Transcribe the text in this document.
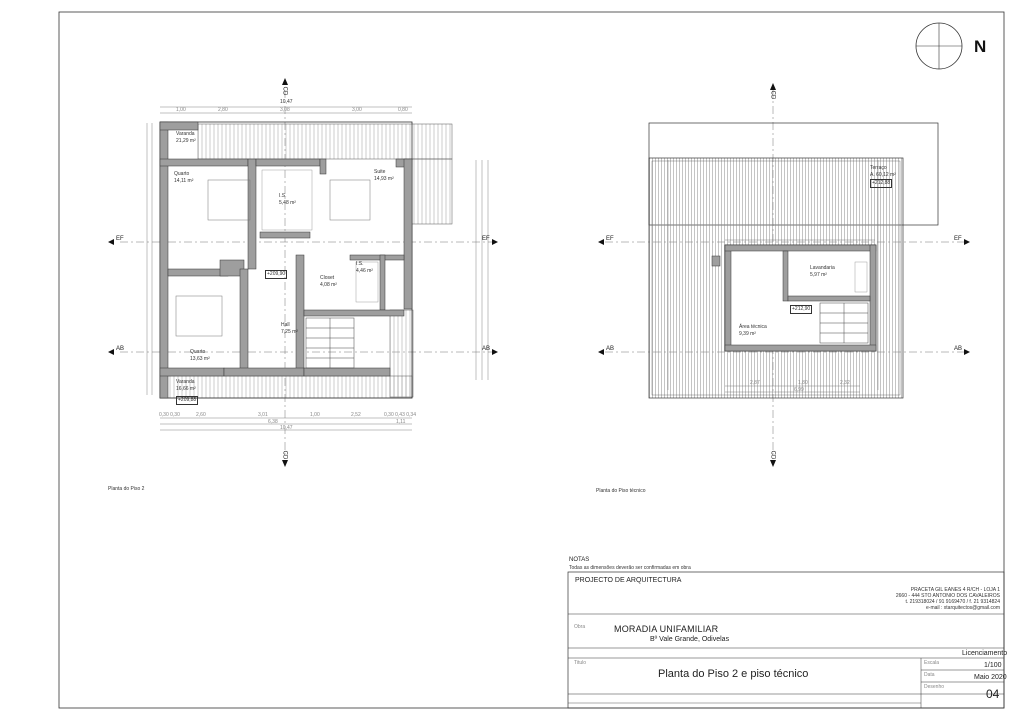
N
CD
CD
EF	EF
AB	AB
10,47
1,00	2,80	3,08	3,00	0,80
0,30 0,30	2,60	3,01	1,00	2,52	0,30 0,43 0,34
6,38	1,11
10,47
Varanda
21,29 m²
Quarto
14,11 m²
I.S.
5,48 m²
Suite
14,93 m²
Closet
4,08 m²
I.S.
4,46 m²
Hall
7,25 m²
Quarto
13,63 m²
Varanda
16,66 m²
+209,90
+209,88
Planta do Piso 2
CD
CD
EF	EF
AB	AB
Terraço
A. 60,12 m²
+212,88
Lavandaria
5,97 m²
Área técnica
9,39 m²
+212,90
2,87	1,80	2,32
6,99
Planta do Piso técnico
NOTAS
Todas as dimensões deverão ser confirmadas em obra
PROJECTO DE ARQUITECTURA
PRACETA GIL EANES 4 R/CH - LOJA 1
2660 - 444 STO ANTONIO DOS CAVALEIROS
t. 219318024 / 91 9169470 / f. 21 9314824
e-mail : xtarquitectos@gmail.com
Obra	MORADIA UNIFAMILIAR
Bº Vale Grande, Odivelas
Licenciamento
Titulo
Planta do Piso 2 e piso técnico
Escala	1/100
Data	Maio 2020
Desenho	04
